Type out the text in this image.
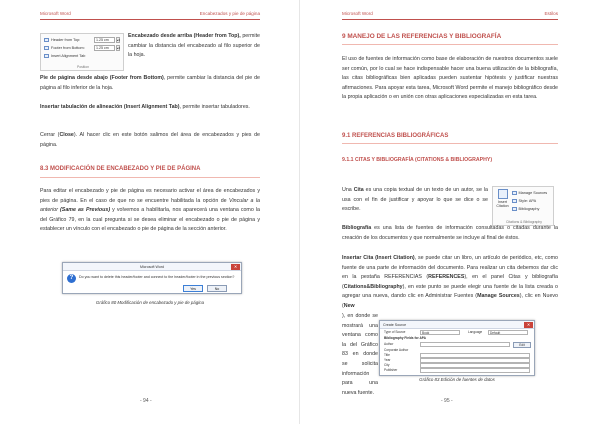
Microsoft Word	Encabezados y pie de página
Header from Top:	1.25 cm	▴▾
Footer from Bottom:	1.25 cm	▴▾
Insert Alignment Tab
Position
Encabezado desde arriba (Header from Top), permite cambiar la distancia del encabezado al filo superior de la hoja.
Pie de página desde abajo (Footer from Bottom), permite cambiar la distancia del pie de página al filo inferior de la hoja.
Insertar tabulación de alineación (Insert Alignment Tab), permite insertar tabuladores.
Cerrar (Close). Al hacer clic en este botón salimos del área de encabezados y pies de página.
8.3 MODIFICACIÓN DE ENCABEZADO Y PIE DE PÁGINA
Para editar el encabezado y pie de página es necesario activar el área de encabezados y pies de página. En el caso de que no se encuentre habilitada la opción de Vincular a la anterior (Same as Previous) y volvemos a habilitarla, nos aparecerá una ventana como la del Gráfico 79, en la cual pregunta si se desea eliminar el encabezado o pie de página y establecer un vínculo con el encabezado o pie de página de la sección anterior.
Microsoft Word	✕
?	Do you want to delete this header/footer and connect to the header/footer in the previous section?
Yes	No
Gráfico 80 Modificación de encabezado y pie de página
- 94 -
Microsoft Word	Estilos
9 MANEJO DE LAS REFERENCIAS Y BIBLIOGRAFÍA
El uso de fuentes de información como base de elaboración de nuestros documentos suele ser común, por lo cual se hace indispensable hacer una buena utilización de la bibliografía, las citas bibliográficas bien aplicadas pueden sustentar hipótesis y justificar nuestras afirmaciones. Para apoyar esta tarea, Microsoft Word permite el manejo bibliográfico desde la propia aplicación o en unión con otras aplicaciones especializadas en esta tarea.
9.1 REFERENCIAS BIBLIOGRÁFICAS
9.1.1 CITAS Y BIBLIOGRAFÍA (CITATIONS & BIBLIOGRAPHY)
Una Cita es una copia textual de un texto de un autor, se la usa con el fin de justificar y apoyar lo que se dice o se escribe.
Insert Citation
Manage Sources
Style: APA
Bibliography
Citations & Bibliography
Bibliografía es una lista de fuentes de información consultadas o citadas durante la creación de los documentos y que normalmente se incluye al final de éstos.
Insertar Cita (Insert Citation), se puede citar un libro, un artículo de periódico, etc, como fuente de una parte de información del documento. Para realizar un cita debemos dar clic en la pestaña REFERENCIAS (REFERENCES), en el panel Citas y bibliografía (Citations&Bibliography), en este punto se puede elegir una fuente de la lista creada o agregar una nueva, dando clic en Administrar Fuentes (Manage Sources), clic en Nuevo (New
), en donde se mostrará una ventana como la del Gráfico 83 en donde se solicita información para una nueva fuente.
Create Source	✕
Type of Source	Book	Language	Default
Bibliography Fields for APA
Author	Edit
Corporate Author
Title
Year
City
Publisher
Gráfico 83 Edición de fuentes de datos
- 95 -
